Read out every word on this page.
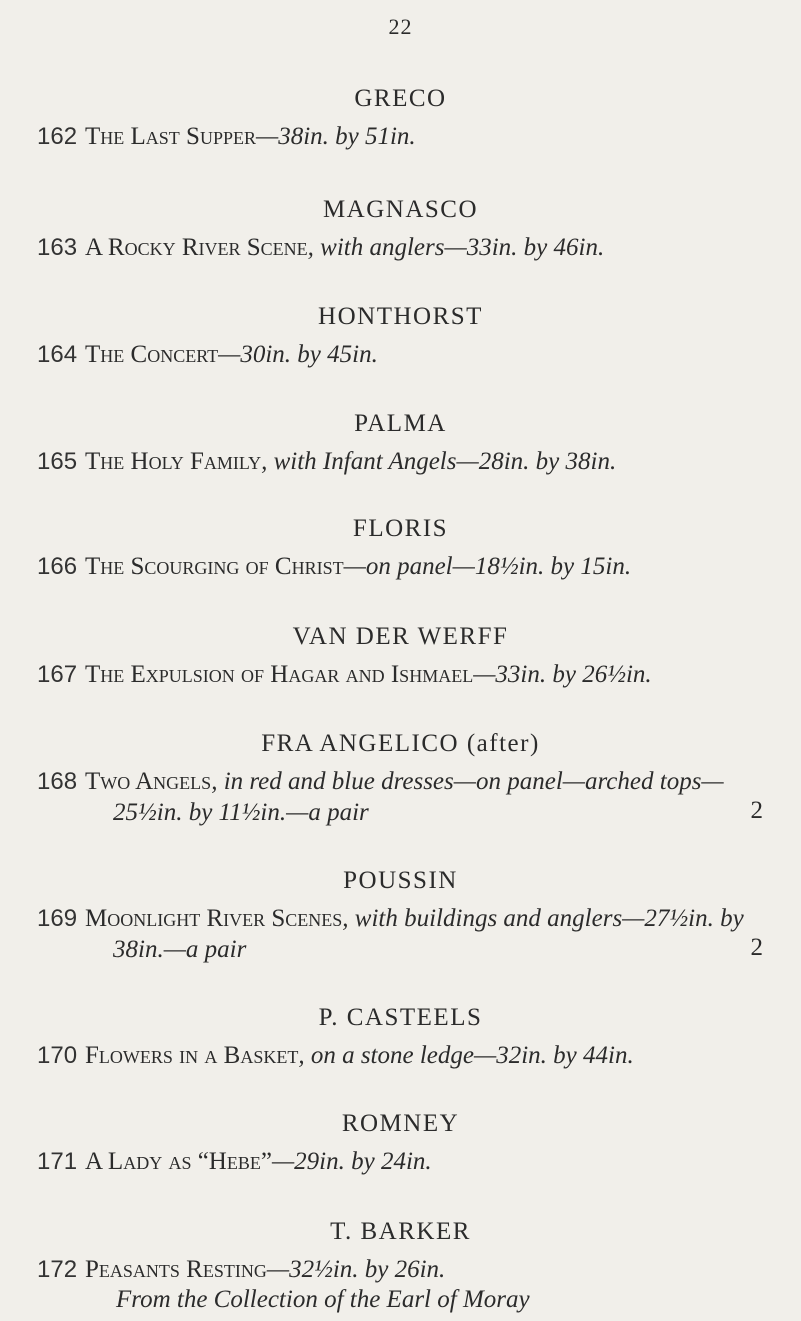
22
GRECO
162 The Last Supper—38in. by 51in.
MAGNASCO
163 A Rocky River Scene, with anglers—33in. by 46in.
HONTHORST
164 The Concert—30in. by 45in.
PALMA
165 The Holy Family, with Infant Angels—28in. by 38in.
FLORIS
166 The Scourging of Christ—on panel—18½in. by 15in.
VAN DER WERFF
167 The Expulsion of Hagar and Ishmael—33in. by 26½in.
FRA ANGELICO (after)
168 Two Angels, in red and blue dresses—on panel—arched tops—
25½in. by 11½in.—a pair	2
POUSSIN
169 Moonlight River Scenes, with buildings and anglers—27½in. by
38in.—a pair	2
P. CASTEELS
170 Flowers in a Basket, on a stone ledge—32in. by 44in.
ROMNEY
171 A Lady as “Hebe”—29in. by 24in.
T. BARKER
172 Peasants Resting—32½in. by 26in.
From the Collection of the Earl of Moray
